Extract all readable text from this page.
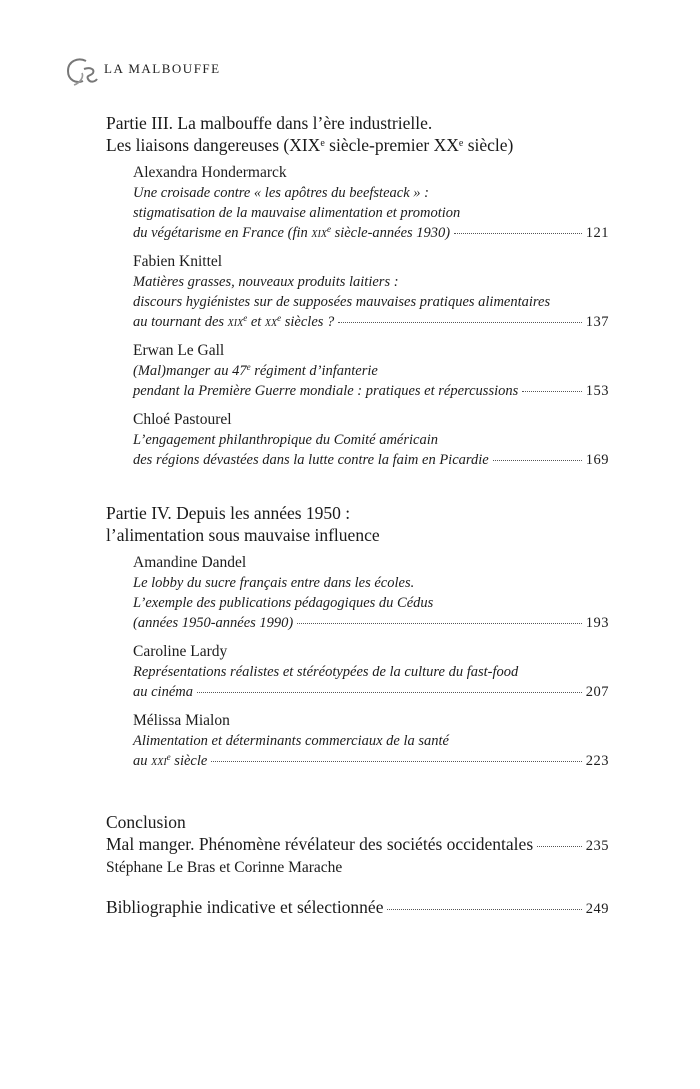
LA MALBOUFFE
Partie III. La malbouffe dans l’ère industrielle.
Les liaisons dangereuses (XIXe siècle-premier XXe siècle)
Alexandra Hondermarck
Une croisade contre « les apôtres du beefsteack » :
stigmatisation de la mauvaise alimentation et promotion
du végétarisme en France (fin xix$^e$ siècle-années 1930)	121
Fabien Knittel
Matières grasses, nouveaux produits laitiers :
discours hygiénistes sur de supposées mauvaises pratiques alimentaires
au tournant des xix$^e$ et $xx^e$ siècles ?	137
Erwan Le Gall
(Mal)manger au 47e régiment d’infanterie
pendant la Première Guerre mondiale : pratiques et répercussions	153
Chloé Pastourel
L’engagement philanthropique du Comité américain
des régions dévastées dans la lutte contre la faim en Picardie	169
Partie IV. Depuis les années 1950 :
l’alimentation sous mauvaise influence
Amandine Dandel
Le lobby du sucre français entre dans les écoles.
L’exemple des publications pédagogiques du Cédus
(années 1950-années 1990)	193
Caroline Lardy
Représentations réalistes et stéréotypées de la culture du fast-food
au cinéma	207
Mélissa Mialon
Alimentation et déterminants commerciaux de la santé
au xxi$^e$ siècle	223
Conclusion
Mal manger. Phénomène révélateur des sociétés occidentales	235
Stéphane Le Bras et Corinne Marache
Bibliographie indicative et sélectionnée	249
